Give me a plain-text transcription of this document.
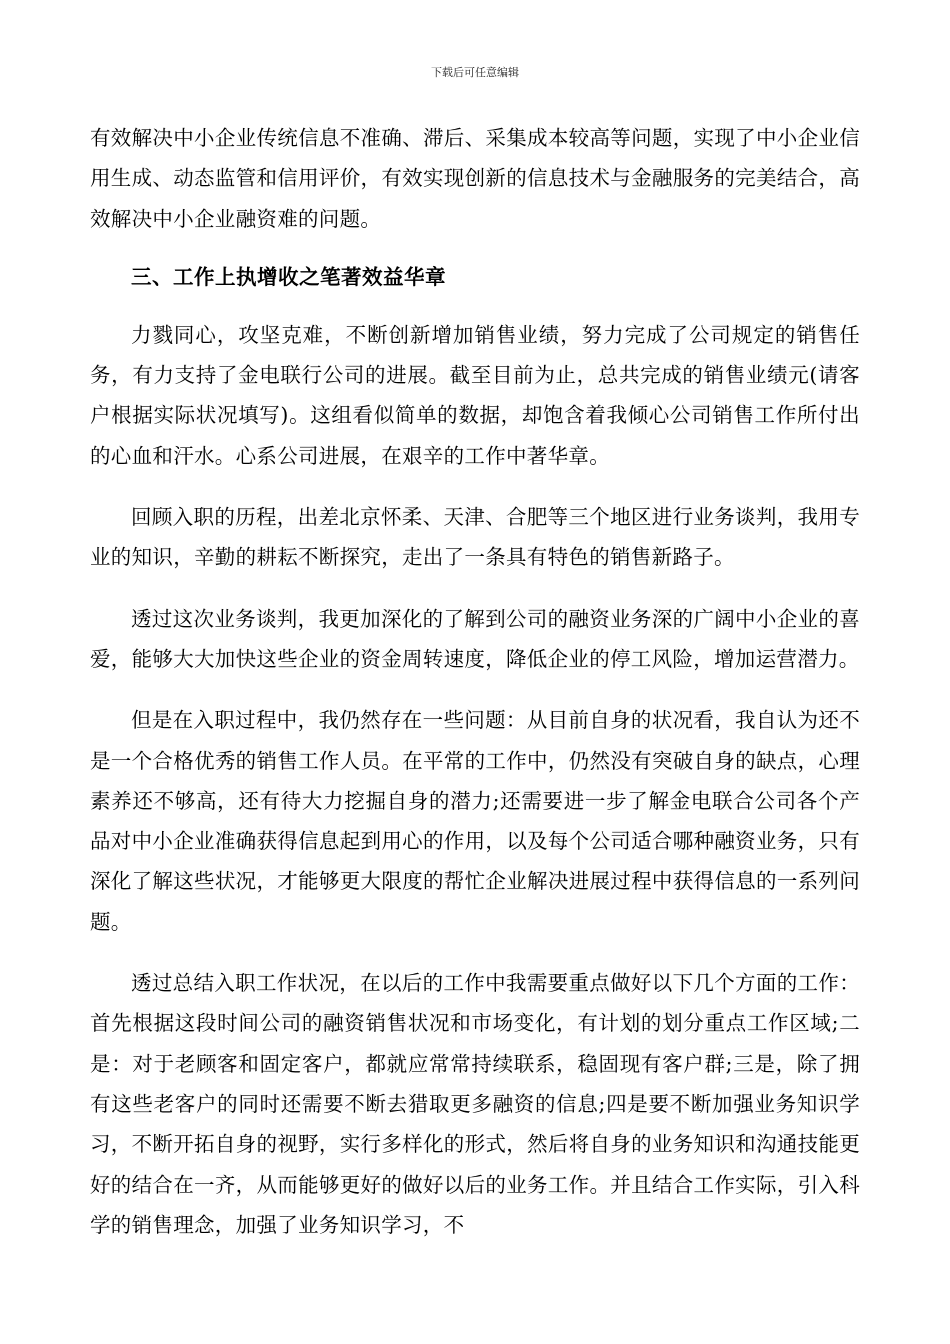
下载后可任意编辑

有效解决中小企业传统信息不准确、滞后、采集成本较高等问题，实现了中小企业信用生成、动态监管和信用评价，有效实现创新的信息技术与金融服务的完美结合，高效解决中小企业融资难的问题。

三、工作上执增收之笔著效益华章

力戮同心，攻坚克难，不断创新增加销售业绩，努力完成了公司规定的销售任务，有力支持了金电联行公司的进展。截至目前为止，总共完成的销售业绩元(请客户根据实际状况填写)。这组看似简单的数据，却饱含着我倾心公司销售工作所付出的心血和汗水。心系公司进展，在艰辛的工作中著华章。

回顾入职的历程，出差北京怀柔、天津、合肥等三个地区进行业务谈判，我用专业的知识，辛勤的耕耘不断探究，走出了一条具有特色的销售新路子。

透过这次业务谈判，我更加深化的了解到公司的融资业务深的广阔中小企业的喜爱，能够大大加快这些企业的资金周转速度，降低企业的停工风险，增加运营潜力。

但是在入职过程中，我仍然存在一些问题：从目前自身的状况看，我自认为还不是一个合格优秀的销售工作人员。在平常的工作中，仍然没有突破自身的缺点，心理素养还不够高，还有待大力挖掘自身的潜力;还需要进一步了解金电联合公司各个产品对中小企业准确获得信息起到用心的作用，以及每个公司适合哪种融资业务，只有深化了解这些状况，才能够更大限度的帮忙企业解决进展过程中获得信息的一系列问题。

透过总结入职工作状况，在以后的工作中我需要重点做好以下几个方面的工作：首先根据这段时间公司的融资销售状况和市场变化，有计划的划分重点工作区域;二是：对于老顾客和固定客户，都就应常常持续联系，稳固现有客户群;三是，除了拥有这些老客户的同时还需要不断去猎取更多融资的信息;四是要不断加强业务知识学习，不断开拓自身的视野，实行多样化的形式，然后将自身的业务知识和沟通技能更好的结合在一齐，从而能够更好的做好以后的业务工作。并且结合工作实际，引入科学的销售理念，加强了业务知识学习，不
